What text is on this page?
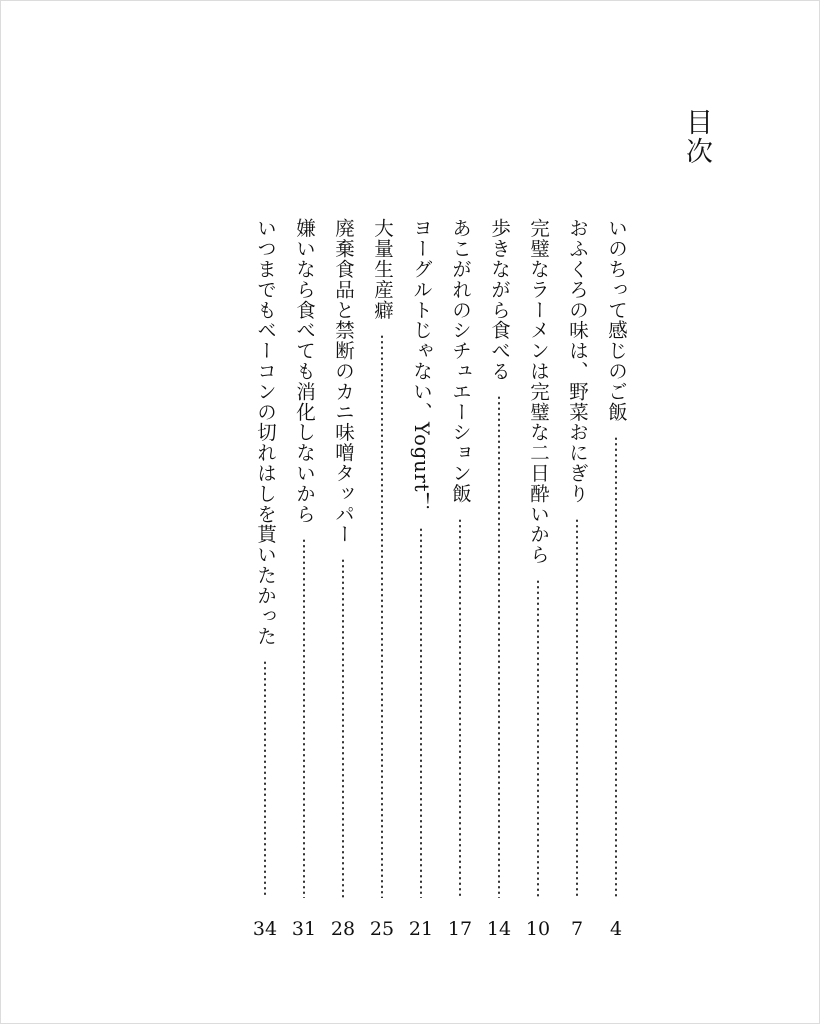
目次
いのちって感じのご飯
4
おふくろの味は、野菜おにぎり
7
完璧なラーメンは完璧な二日酔いから
10
歩きながら食べる
14
あこがれのシチュエーション飯
17
ヨーグルトじゃない、Yogurt！
21
大量生産癖
25
廃棄食品と禁断のカニ味噌タッパー
28
嫌いなら食べても消化しないから
31
いつまでもベーコンの切れはしを貰いたかった
34
